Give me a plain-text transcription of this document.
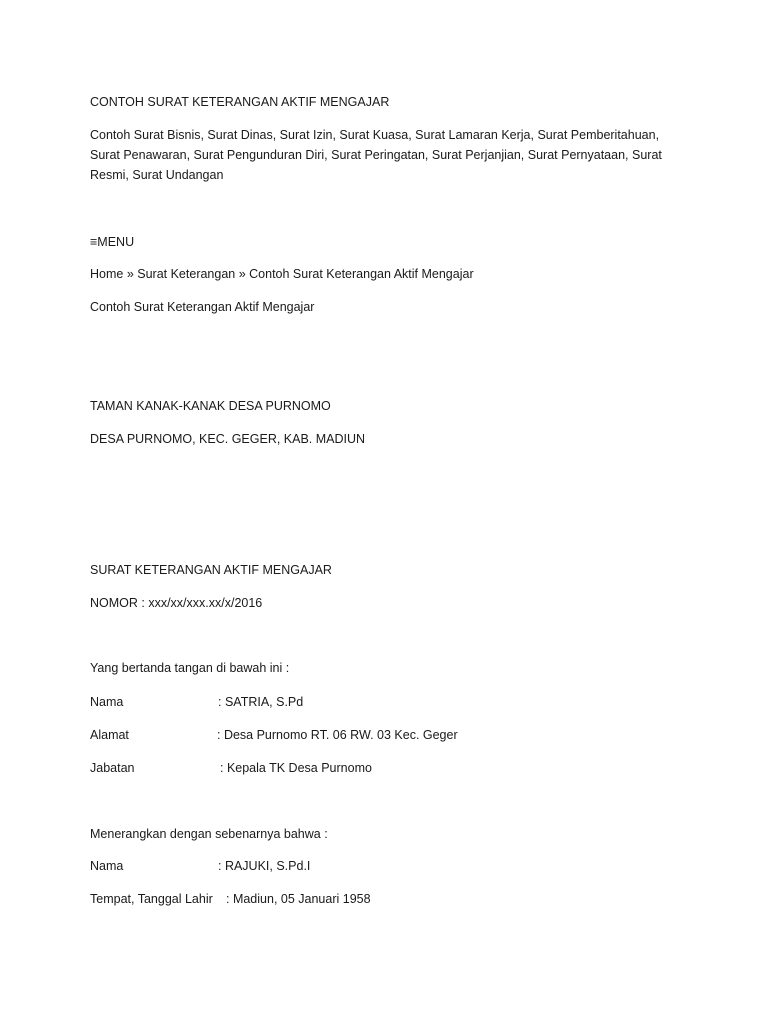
CONTOH SURAT KETERANGAN AKTIF MENGAJAR
Contoh Surat Bisnis, Surat Dinas, Surat Izin, Surat Kuasa, Surat Lamaran Kerja, Surat Pemberitahuan, Surat Penawaran, Surat Pengunduran Diri, Surat Peringatan, Surat Perjanjian, Surat Pernyataan, Surat Resmi, Surat Undangan
≡MENU
Home » Surat Keterangan » Contoh Surat Keterangan Aktif Mengajar
Contoh Surat Keterangan Aktif Mengajar
TAMAN KANAK-KANAK DESA PURNOMO
DESA PURNOMO, KEC. GEGER, KAB. MADIUN
SURAT KETERANGAN AKTIF MENGAJAR
NOMOR : xxx/xx/xxx.xx/x/2016
Yang bertanda tangan di bawah ini :
Nama	: SATRIA, S.Pd
Alamat	: Desa Purnomo RT. 06 RW. 03 Kec. Geger
Jabatan	: Kepala TK Desa Purnomo
Menerangkan dengan sebenarnya bahwa :
Nama	: RAJUKI, S.Pd.I
Tempat, Tanggal Lahir : Madiun, 05 Januari 1958
